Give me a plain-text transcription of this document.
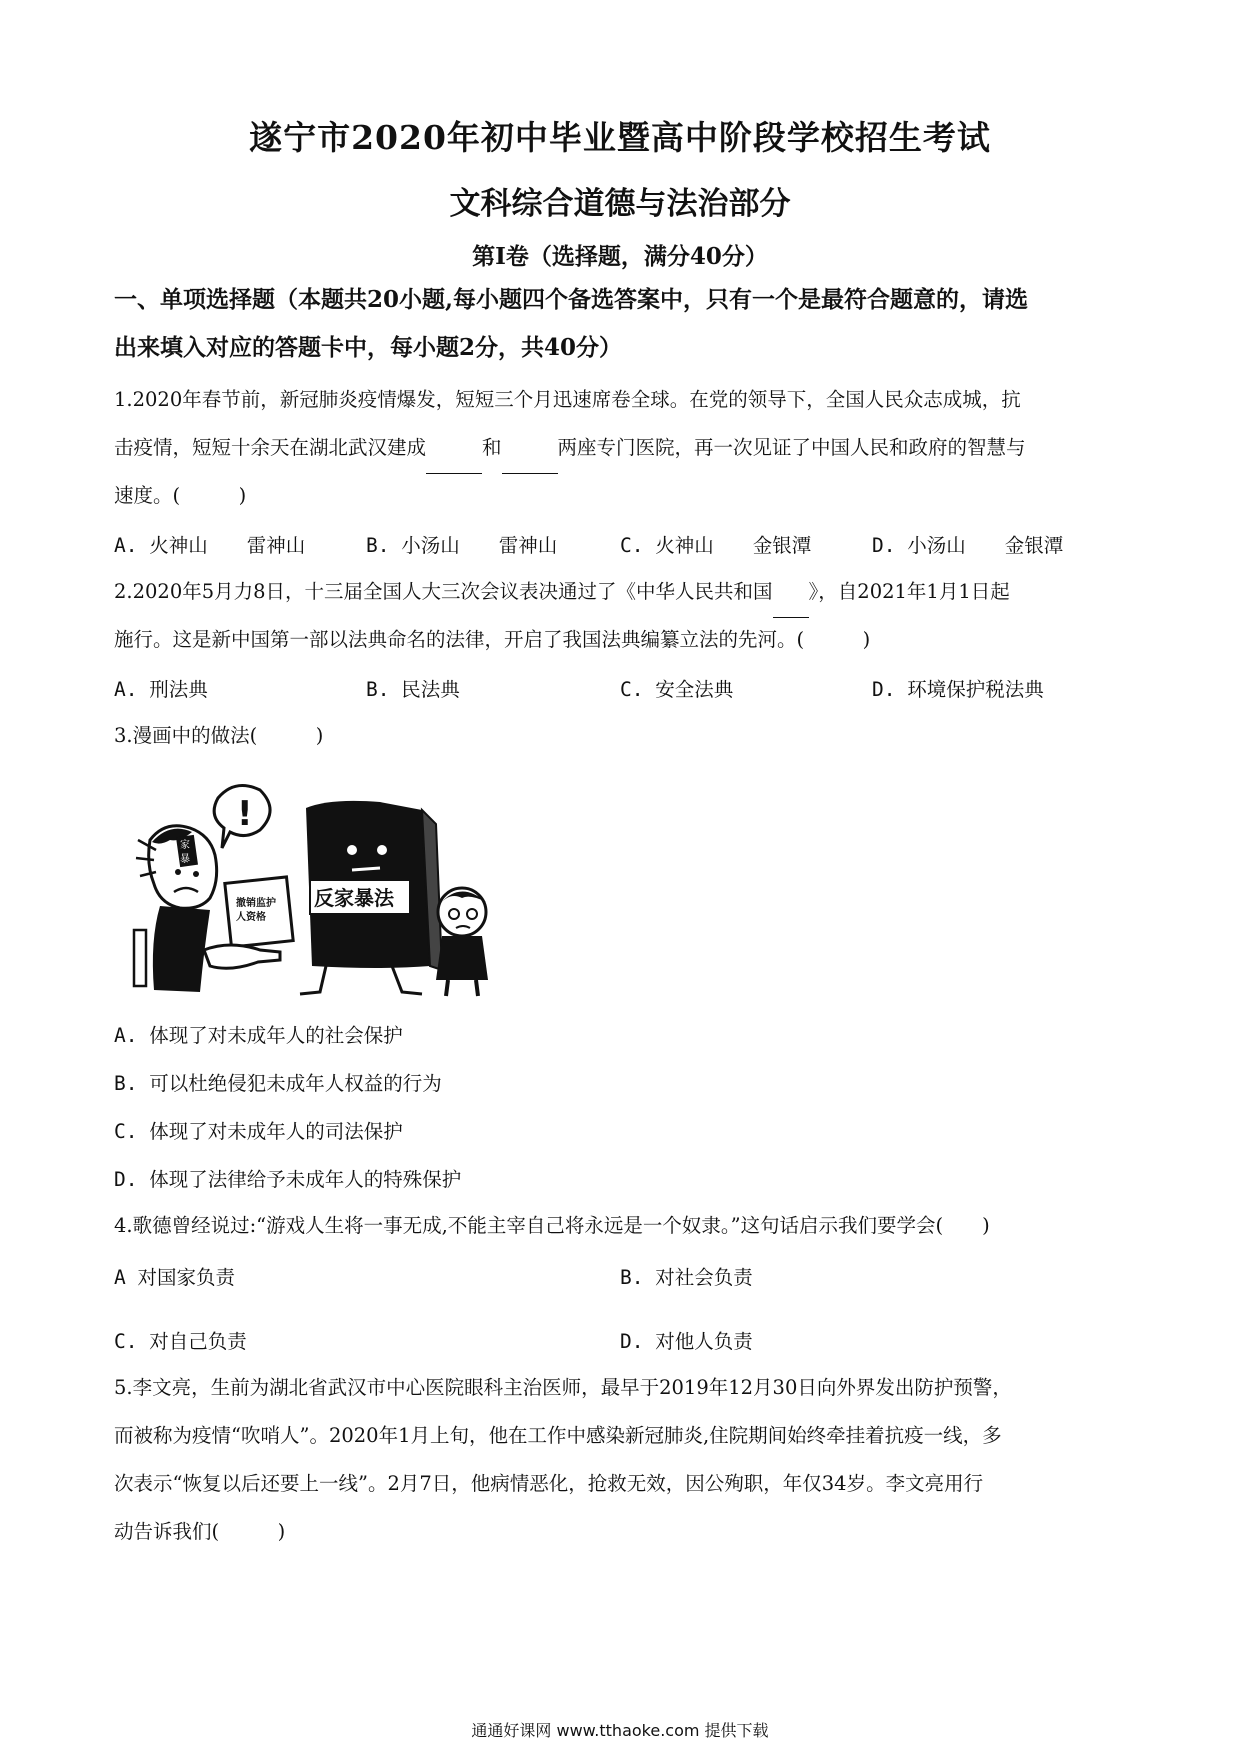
遂宁市2020年初中毕业暨高中阶段学校招生考试
文科综合道德与法治部分
第Ⅰ卷（选择题，满分40分）
一、单项选择题（本题共20小题,每小题四个备选答案中，只有一个是最符合题意的，请选
出来填入对应的答题卡中，每小题2分，共40分）
1.2020年春节前，新冠肺炎疫情爆发，短短三个月迅速席卷全球。在党的领导下，全国人民众志成城，抗
击疫情，短短十余天在湖北武汉建成	和	两座专门医院，再一次见证了中国人民和政府的智慧与
速度。(　　　)
A. 火神山　　雷神山	B. 小汤山　　雷神山	C. 火神山　　金银潭	D. 小汤山　　金银潭
2.2020年5月力8日，十三届全国人大三次会议表决通过了《中华人民共和国 》，自2021年1月1日起
施行。这是新中国第一部以法典命名的法律，开启了我国法典编纂立法的先河。(　　　)
A. 刑法典	B. 民法典	C. 安全法典	D. 环境保护税法典
3.漫画中的做法(　　　)
!
家
暴
撤销监护
人资格
反家暴法
A. 体现了对未成年人的社会保护
B. 可以杜绝侵犯未成年人权益的行为
C. 体现了对未成年人的司法保护
D. 体现了法律给予未成年人的特殊保护
4.歌德曾经说过:“游戏人生将一事无成,不能主宰自己将永远是一个奴隶。”这句话启示我们要学会(　　)
A 对国家负责	B. 对社会负责
C. 对自己负责	D. 对他人负责
5.李文亮，生前为湖北省武汉市中心医院眼科主治医师，最早于2019年12月30日向外界发出防护预警，
而被称为疫情“吹哨人”。2020年1月上旬，他在工作中感染新冠肺炎,住院期间始终牵挂着抗疫一线，多
次表示“恢复以后还要上一线”。2月7日，他病情恶化，抢救无效，因公殉职，年仅34岁。李文亮用行
动告诉我们(　　　)
通通好课网 www.tthaoke.com 提供下载
